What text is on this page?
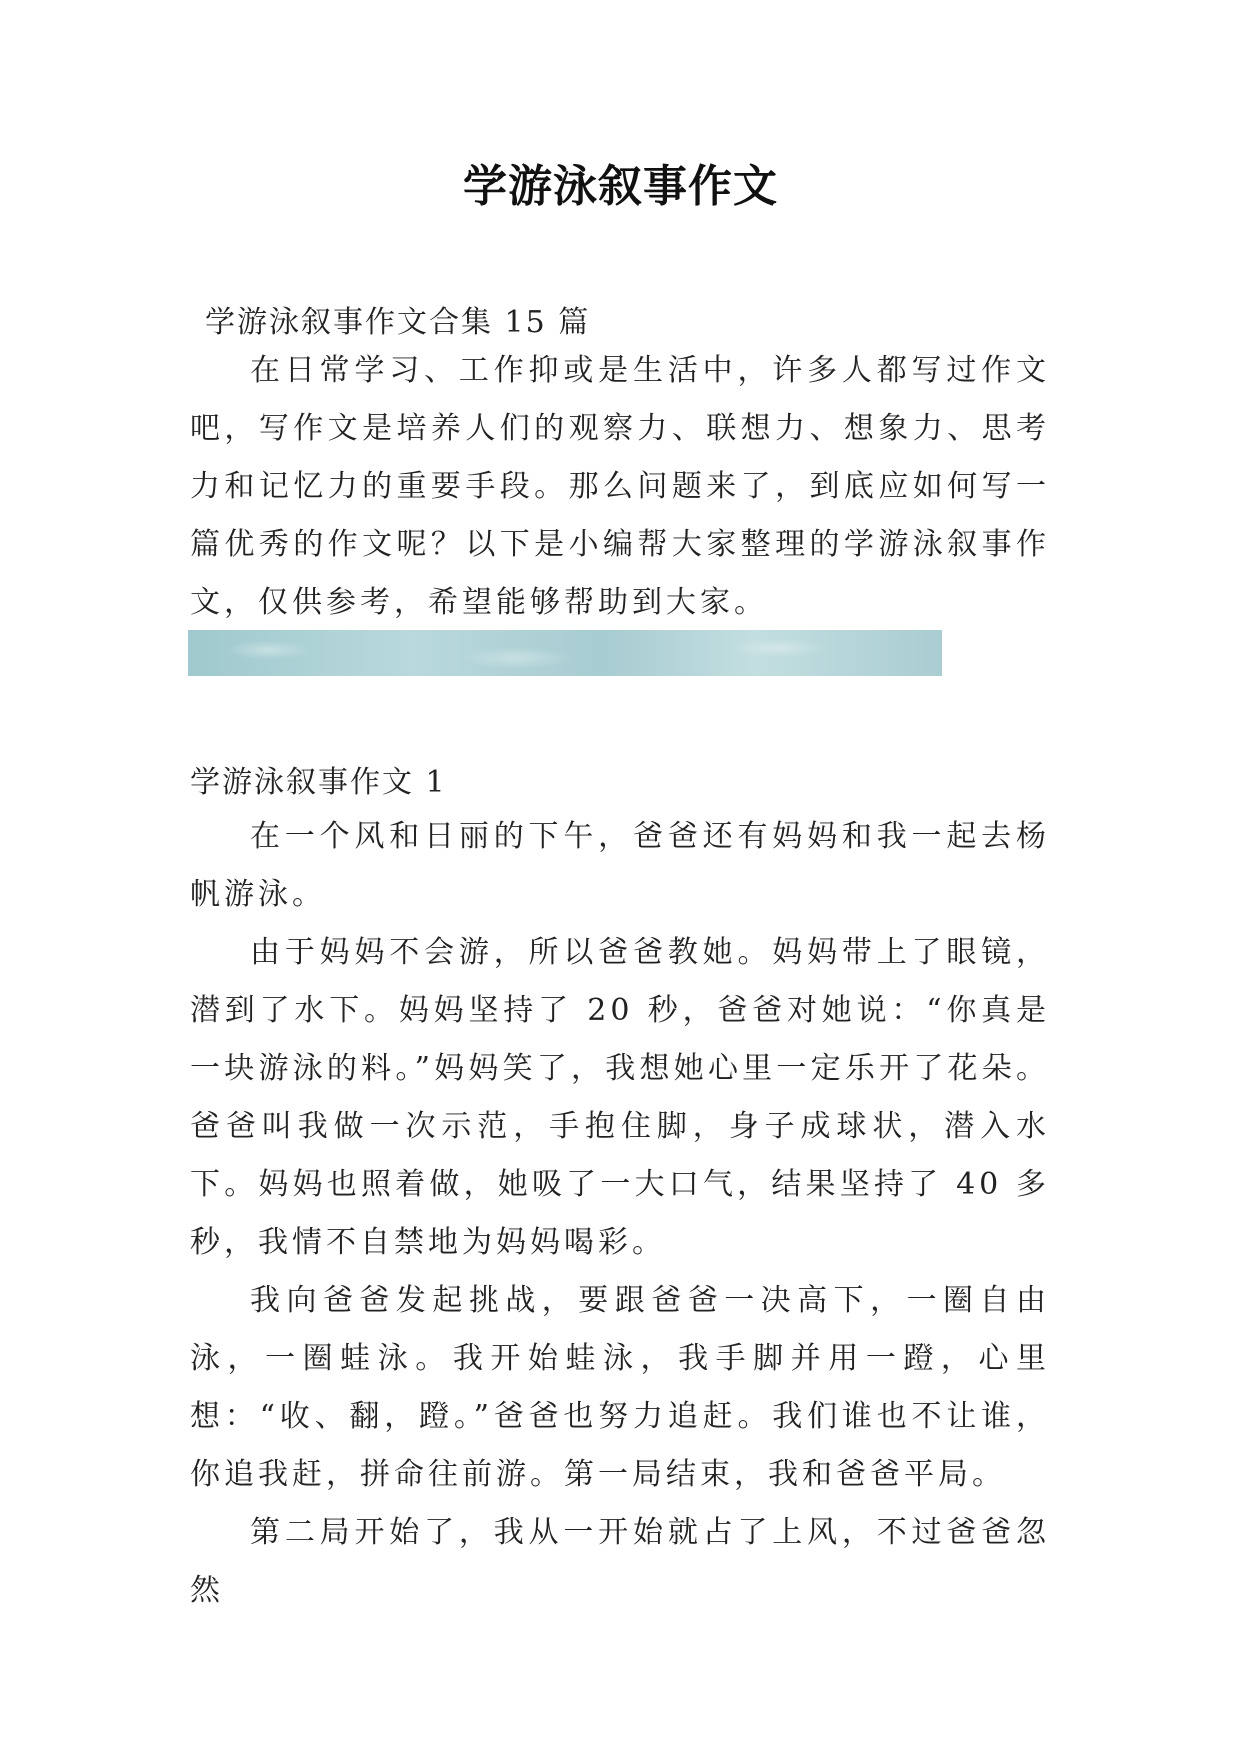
学游泳叙事作文
学游泳叙事作文合集 15 篇

在日常学习、工作抑或是生活中，许多人都写过作文吧，写作文是培养人们的观察力、联想力、想象力、思考力和记忆力的重要手段。那么问题来了，到底应如何写一篇优秀的作文呢？以下是小编帮大家整理的学游泳叙事作文，仅供参考，希望能够帮助到大家。

学游泳叙事作文 1

在一个风和日丽的下午，爸爸还有妈妈和我一起去杨帆游泳。

由于妈妈不会游，所以爸爸教她。妈妈带上了眼镜，潜到了水下。妈妈坚持了 20 秒，爸爸对她说：“你真是一块游泳的料。”妈妈笑了，我想她心里一定乐开了花朵。爸爸叫我做一次示范，手抱住脚，身子成球状，潜入水下。妈妈也照着做，她吸了一大口气，结果坚持了 40 多秒，我情不自禁地为妈妈喝彩。

我向爸爸发起挑战，要跟爸爸一决高下，一圈自由泳，一圈蛙泳。我开始蛙泳，我手脚并用一蹬，心里想：“收、翻，蹬。”爸爸也努力追赶。我们谁也不让谁，你追我赶，拼命往前游。第一局结束，我和爸爸平局。

第二局开始了，我从一开始就占了上风，不过爸爸忽然
